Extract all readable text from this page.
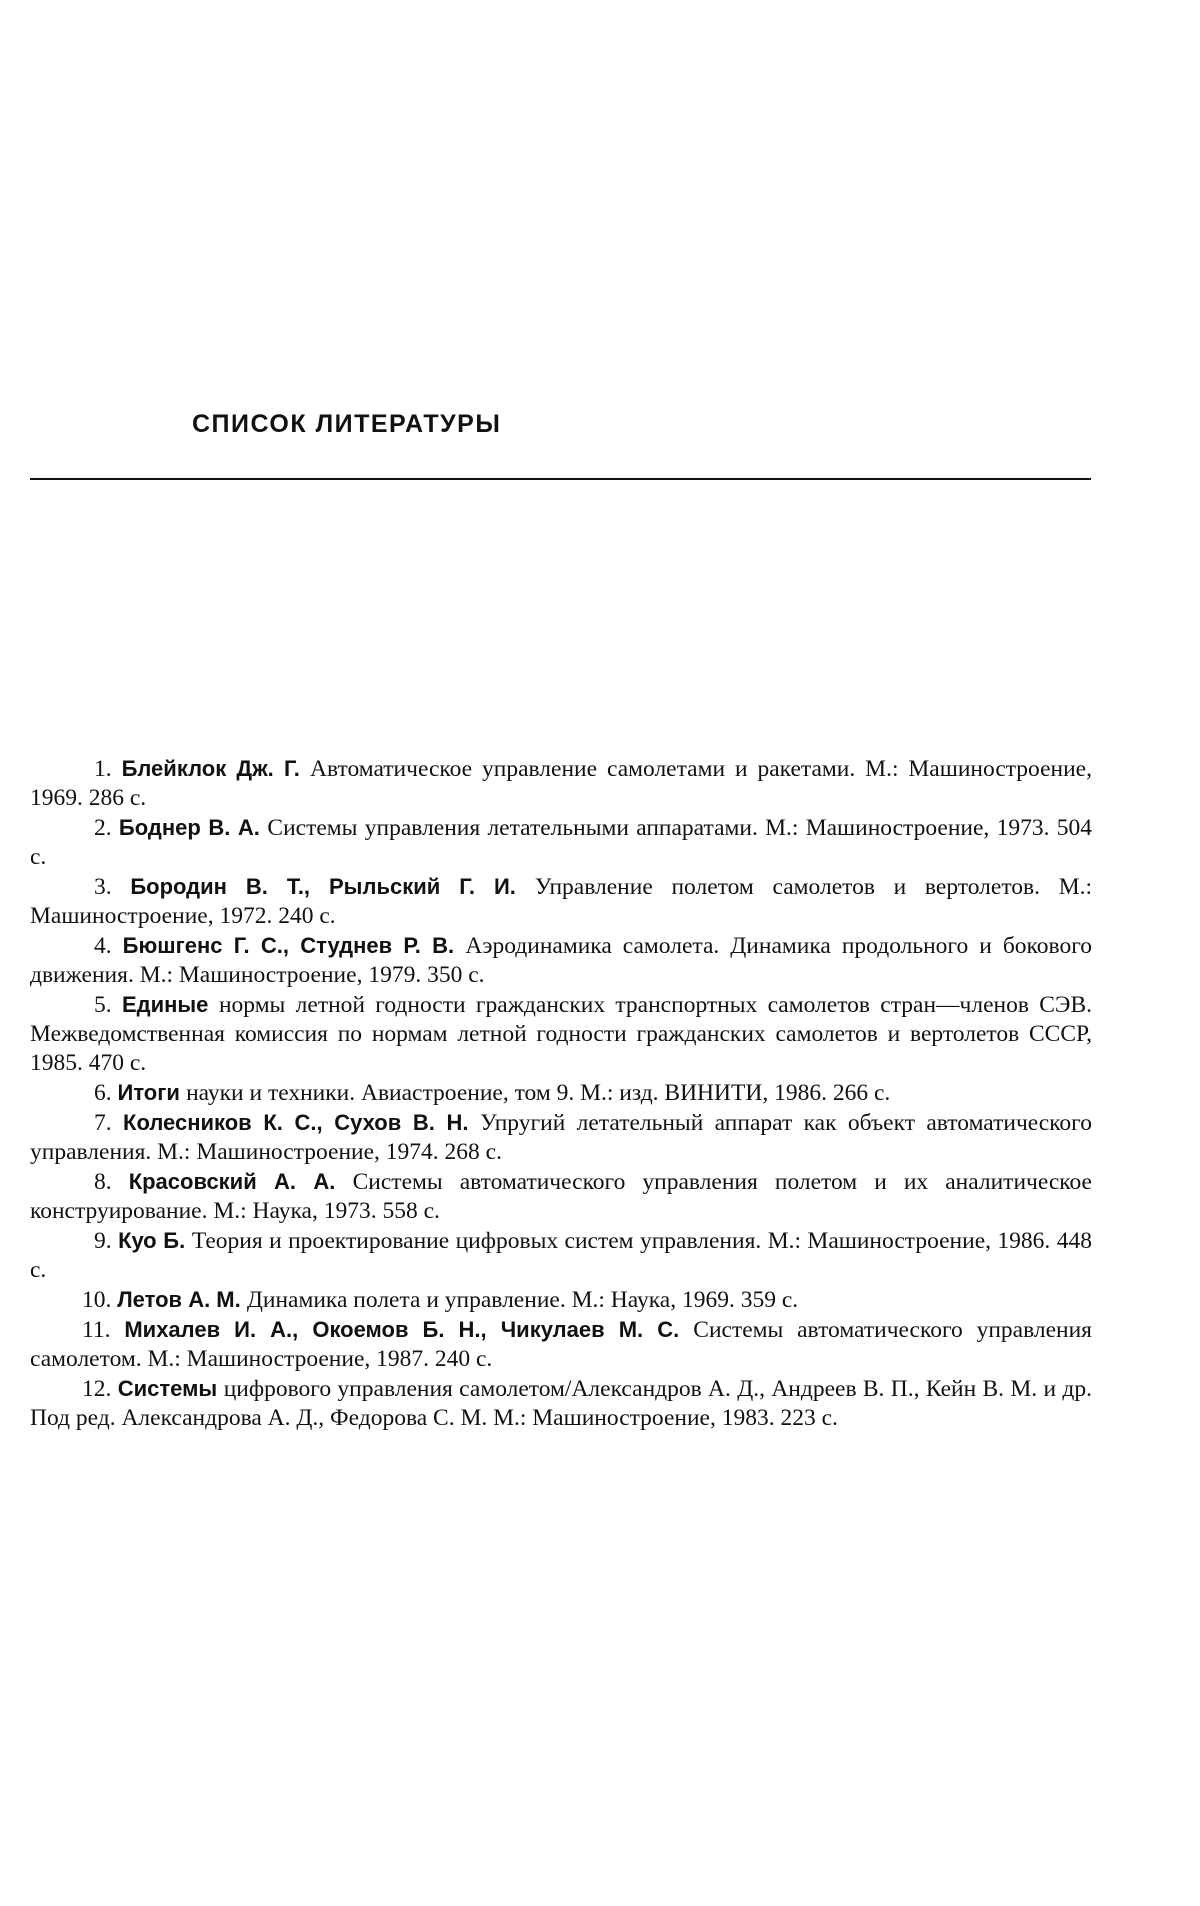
СПИСОК ЛИТЕРАТУРЫ
1. Блейклок Дж. Г. Автоматическое управление самолетами и ракетами. М.: Машиностроение, 1969. 286 с.
2. Боднер В. А. Системы управления летательными аппаратами. М.: Машиностроение, 1973. 504 с.
3. Бородин В. Т., Рыльский Г. И. Управление полетом самолетов и вертолетов. М.: Машиностроение, 1972. 240 с.
4. Бюшгенс Г. С., Студнев Р. В. Аэродинамика самолета. Динамика продольного и бокового движения. М.: Машиностроение, 1979. 350 с.
5. Единые нормы летной годности гражданских транспортных самолетов стран—членов СЭВ. Межведомственная комиссия по нормам летной годности гражданских самолетов и вертолетов СССР, 1985. 470 с.
6. Итоги науки и техники. Авиастроение, том 9. М.: изд. ВИНИТИ, 1986. 266 с.
7. Колесников К. С., Сухов В. Н. Упругий летательный аппарат как объект автоматического управления. М.: Машиностроение, 1974. 268 с.
8. Красовский А. А. Системы автоматического управления полетом и их аналитическое конструирование. М.: Наука, 1973. 558 с.
9. Куо Б. Теория и проектирование цифровых систем управления. М.: Машиностроение, 1986. 448 с.
10. Летов А. М. Динамика полета и управление. М.: Наука, 1969. 359 с.
11. Михалев И. А., Окоемов Б. Н., Чикулаев М. С. Системы автоматического управления самолетом. М.: Машиностроение, 1987. 240 с.
12. Системы цифрового управления самолетом/Александров А. Д., Андреев В. П., Кейн В. М. и др. Под ред. Александрова А. Д., Федорова С. М. М.: Машиностроение, 1983. 223 с.
